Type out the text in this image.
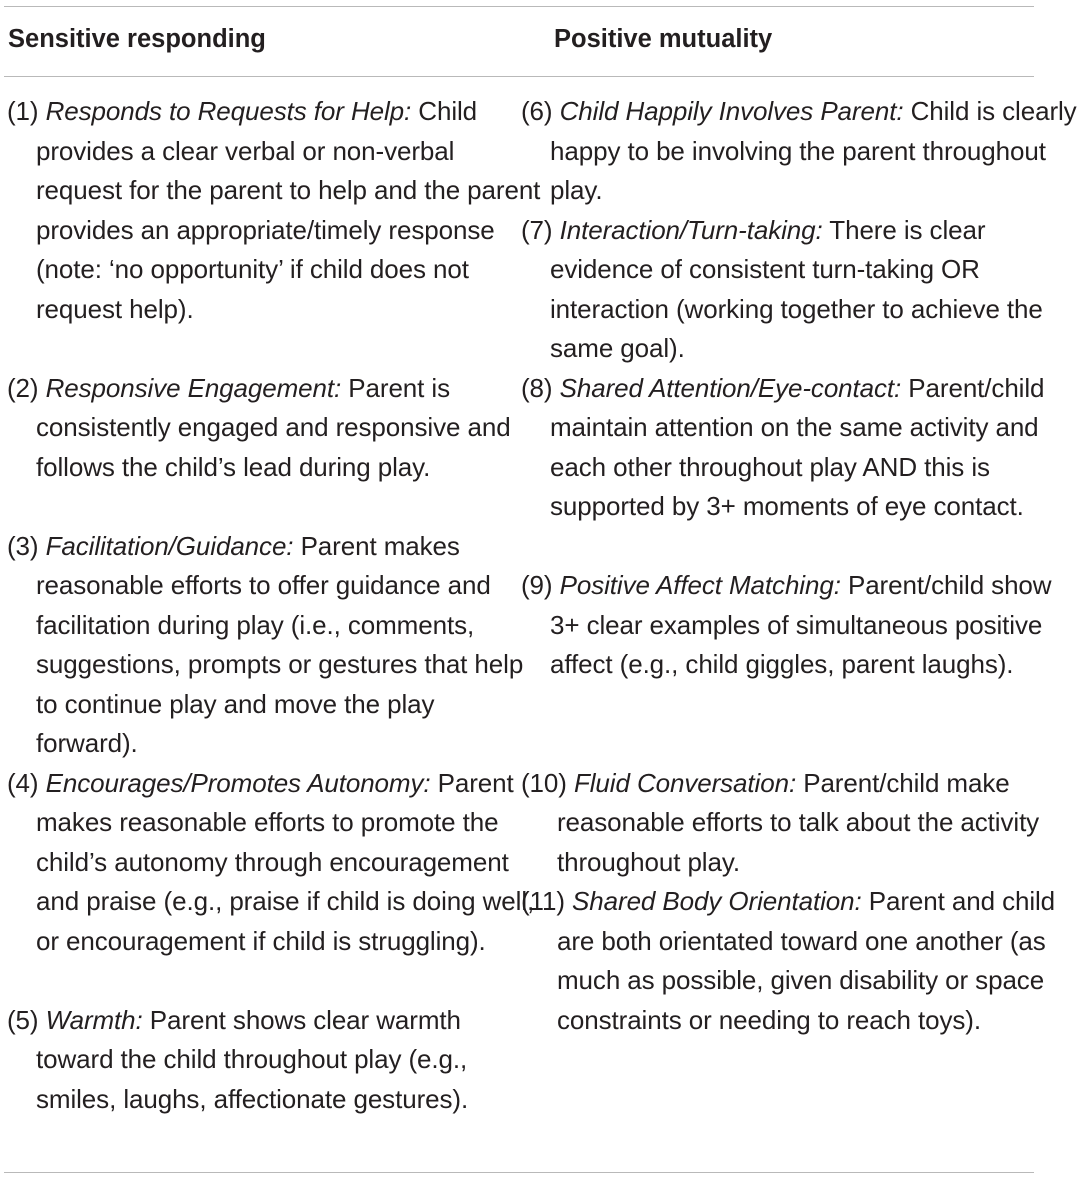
Sensitive responding	Positive mutuality
(1) Responds to Requests for Help: Child provides a clear verbal or non-verbal request for the parent to help and the parent provides an appropriate/timely response (note: ‘no opportunity’ if child does not request help).
(2) Responsive Engagement: Parent is consistently engaged and responsive and follows the child’s lead during play.
(3) Facilitation/Guidance: Parent makes reasonable efforts to offer guidance and facilitation during play (i.e., comments, suggestions, prompts or gestures that help to continue play and move the play forward).
(4) Encourages/Promotes Autonomy: Parent makes reasonable efforts to promote the child’s autonomy through encouragement and praise (e.g., praise if child is doing well, or encouragement if child is struggling).
(5) Warmth: Parent shows clear warmth toward the child throughout play (e.g., smiles, laughs, affectionate gestures).
(6) Child Happily Involves Parent: Child is clearly happy to be involving the parent throughout play.
(7) Interaction/Turn-taking: There is clear evidence of consistent turn-taking OR interaction (working together to achieve the same goal).
(8) Shared Attention/Eye-contact: Parent/child maintain attention on the same activity and each other throughout play AND this is supported by 3+ moments of eye contact.
(9) Positive Affect Matching: Parent/child show 3+ clear examples of simultaneous positive affect (e.g., child giggles, parent laughs).
(10) Fluid Conversation: Parent/child make reasonable efforts to talk about the activity throughout play.
(11) Shared Body Orientation: Parent and child are both orientated toward one another (as much as possible, given disability or space constraints or needing to reach toys).
